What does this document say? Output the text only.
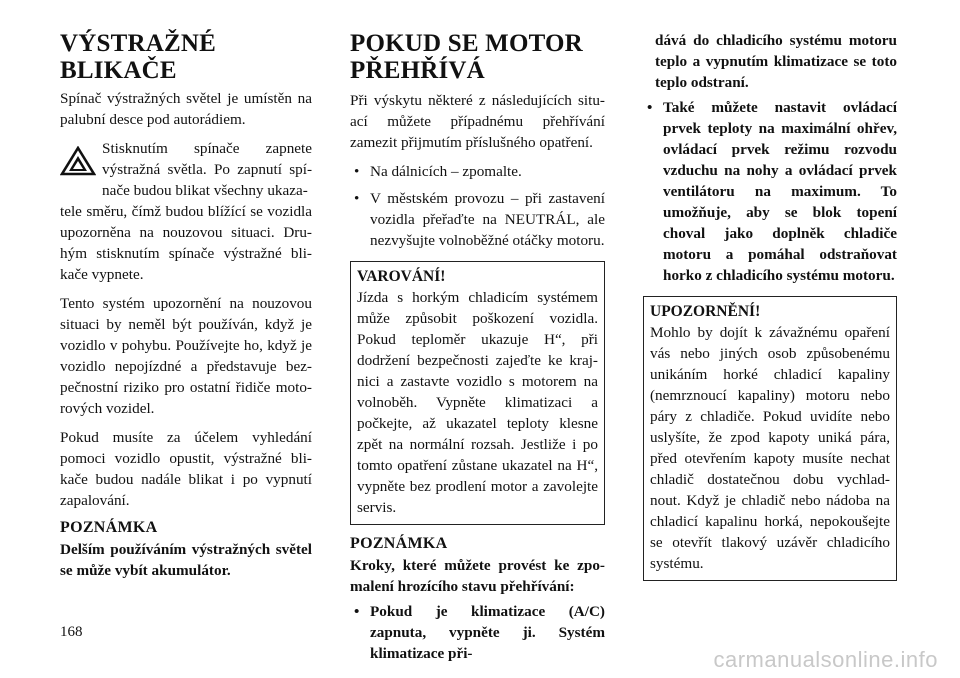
VÝSTRAŽNÉ BLIKAČE

Spínač výstražných světel je umístěn na palubní desce pod autorádiem.

Stisknutím spínače zapnete výstražná světla. Po zapnutí spí-nače budou blikat všechny ukaza-

tele směru, čímž budou blížící se vozidla upozorněna na nouzovou situaci. Dru-hým stisknutím spínače výstražné bli-kače vypnete.

Tento systém upozornění na nouzovou situaci by neměl být používán, když je vozidlo v pohybu. Používejte ho, když je vozidlo nepojízdné a představuje bez-pečnostní riziko pro ostatní řidiče moto-rových vozidel.

Pokud musíte za účelem vyhledání pomoci vozidlo opustit, výstražné bli-kače budou nadále blikat i po vypnutí zapalování.

POZNÁMKA

Delším používáním výstražných světel se může vybít akumulátor.

POKUD SE MOTOR
PŘEHŘÍVÁ

Při výskytu některé z následujících situ-ací můžete případnému přehřívání zamezit přijmutím příslušného opatření.

• Na dálnicích – zpomalte.
• V městském provozu – při zastavení vozidla přeřaďte na NEUTRÁL, ale nezvyšujte volnoběžné otáčky motoru.
VAROVÁNÍ!

Jízda s horkým chladicím systémem může způsobit poškození vozidla. Pokud teploměr ukazuje H“, při dodržení bezpečnosti zajeďte ke kraj-nici a zastavte vozidlo s motorem na volnoběh. Vypněte klimatizaci a počkejte, až ukazatel teploty klesne zpět na normální rozsah. Jestliže i po tomto opatření zůstane ukazatel na H“, vypněte bez prodlení motor a zavolejte servis.

POZNÁMKA

Kroky, které můžete provést ke zpo-malení hrozícího stavu přehřívání:

• Pokud je klimatizace (A/C) zapnuta, vypněte ji. Systém klimatizace při-

dává do chladicího systému motoru teplo a vypnutím klimatizace se toto teplo odstraní.

• Také můžete nastavit ovládací prvek teploty na maximální ohřev, ovládací prvek režimu rozvodu vzduchu na nohy a ovládací prvek ventilátoru na maximum. To umožňuje, aby se blok topení choval jako doplněk chladiče motoru a pomáhal odstraňovat horko z chladicího systému motoru.
UPOZORNĚNÍ!

Mohlo by dojít k závažnému opaření vás nebo jiných osob způsobenému unikáním horké chladicí kapaliny (nemrznoucí kapaliny) motoru nebo páry z chladiče. Pokud uvidíte nebo uslyšíte, že zpod kapoty uniká pára, před otevřením kapoty musíte nechat chladič dostatečnou dobu vychlad-nout. Když je chladič nebo nádoba na chladicí kapalinu horká, nepokoušejte se otevřít tlakový uzávěr chladicího systému.

168
carmanualsonline.info
